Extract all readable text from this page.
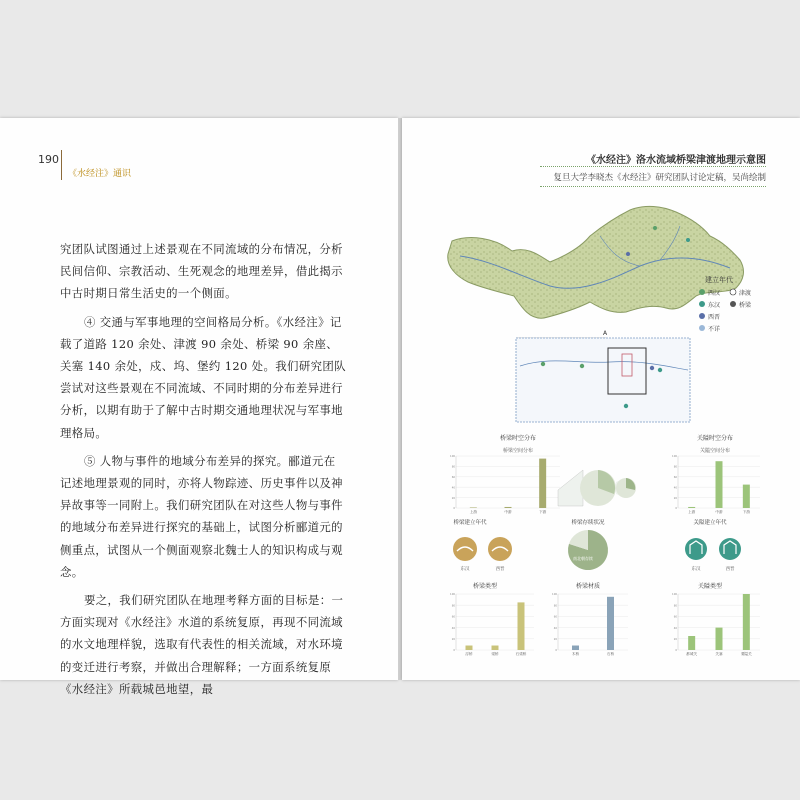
190
《水经注》通识

究团队试图通过上述景观在不同流域的分布情况，分析民间信仰、宗教活动、生死观念的地理差异，借此揭示中古时期日常生活史的一个侧面。

④ 交通与军事地理的空间格局分析。《水经注》记载了道路 120 余处、津渡 90 余处、桥梁 90 余座、关塞 140 余处，戍、坞、堡约 120 处。我们研究团队尝试对这些景观在不同流域、不同时期的分布差异进行分析，以期有助于了解中古时期交通地理状况与军事地理格局。

⑤ 人物与事件的地域分布差异的探究。郦道元在记述地理景观的同时，亦将人物踪迹、历史事件以及神异故事等一同附上。我们研究团队在对这些人物与事件的地域分布差异进行探究的基础上，试图分析郦道元的侧重点，试图从一个侧面观察北魏士人的知识构成与观念。

要之，我们研究团队在地理考释方面的目标是：一方面实现对《水经注》水道的系统复原，再现不同流域的水文地理样貌，选取有代表性的相关流域，对水环境的变迁进行考察，并做出合理解释；一方面系统复原《水经注》所载城邑地望，最

《水经注》洛水流域桥梁津渡地理示意图
复旦大学李晓杰《水经注》研究团队讨论定稿，吴尚绘制
建立年代
西汉
东汉
西晋
不详
津渡
桥梁
A
桥梁时空分布
桥梁空间分布
100
80
60
40
20
0
上游	中游	下游
关隘时空分布
关隘空间分布
100
80
60
40
20
0
上游	中游	下游
桥梁建立年代
东汉	西晋
桥梁存续状况
南北朝存续
关隘建立年代
东汉	西晋
桥梁类型
100
80
60
40
20
0
浮桥	梁桥	石梁桥
桥梁材质
100
80
60
40
20
0
木桥	石桥
关隘类型
100
80
60
40
20
0
都城关	关塞	要隘关
